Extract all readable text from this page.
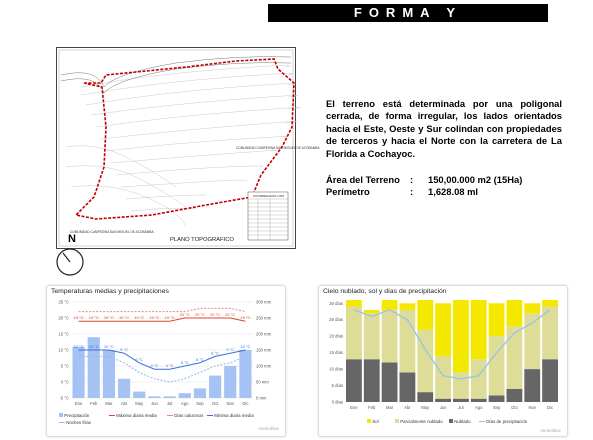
FORMA Y ORIENTACION
COMUNIDAD CAMPESINA SAN MIGUEL DE ACOBAMBA
COMUNIDAD CAMPESINA SAN MIGUEL DE ACOBAMBA
PLANO TOPOGRAFICO
COORDENADAS UTM
N
El terreno está determinada por una poligonal cerrada, de forma irregular, los lados orientados hacia el Este, Oeste y Sur colindan con propiedades de terceros y hacia el Norte con la carretera de La Florida a Cochayoc.
Área del Terreno : 150,00.000 m2 (15Ha)
Perímetro	: 1,628.08 ml
Temperaturas medias y precipitaciones
25 °C
20 °C
15 °C
10 °C
5 °C
0 °C
-5 °C
300 mm
250 mm
200 mm
150 mm
100 mm
50 mm
0 mm
19 °C 19 °C 19 °C 19 °C 19 °C 19 °C 19 °C
20 °C 20 °C 20 °C 20 °C
19 °C
10 °C 10 °C 10 °C
9 °C
6 °C
4 °C 4 °C
5 °C
6 °C
8 °C
9 °C
10 °C
Ene Feb Mar Abr May Jun Jul Ago Sep Oct Nov Dic
Precipitación	Máxima diaria media	Días calurosos	Mínima diaria media
Noches frías
meteoblue
Cielo nublado, sol y días de precipitación
30 días
25 días
20 días
15 días
10 días
5 días
0 días
Ene Feb	Mar	Abr	May Jun	Jul	Ago Sep	Oct	Nov	Dic
Sol	Parcialmente nublado	Nublado	Días de precipitación
meteoblue
